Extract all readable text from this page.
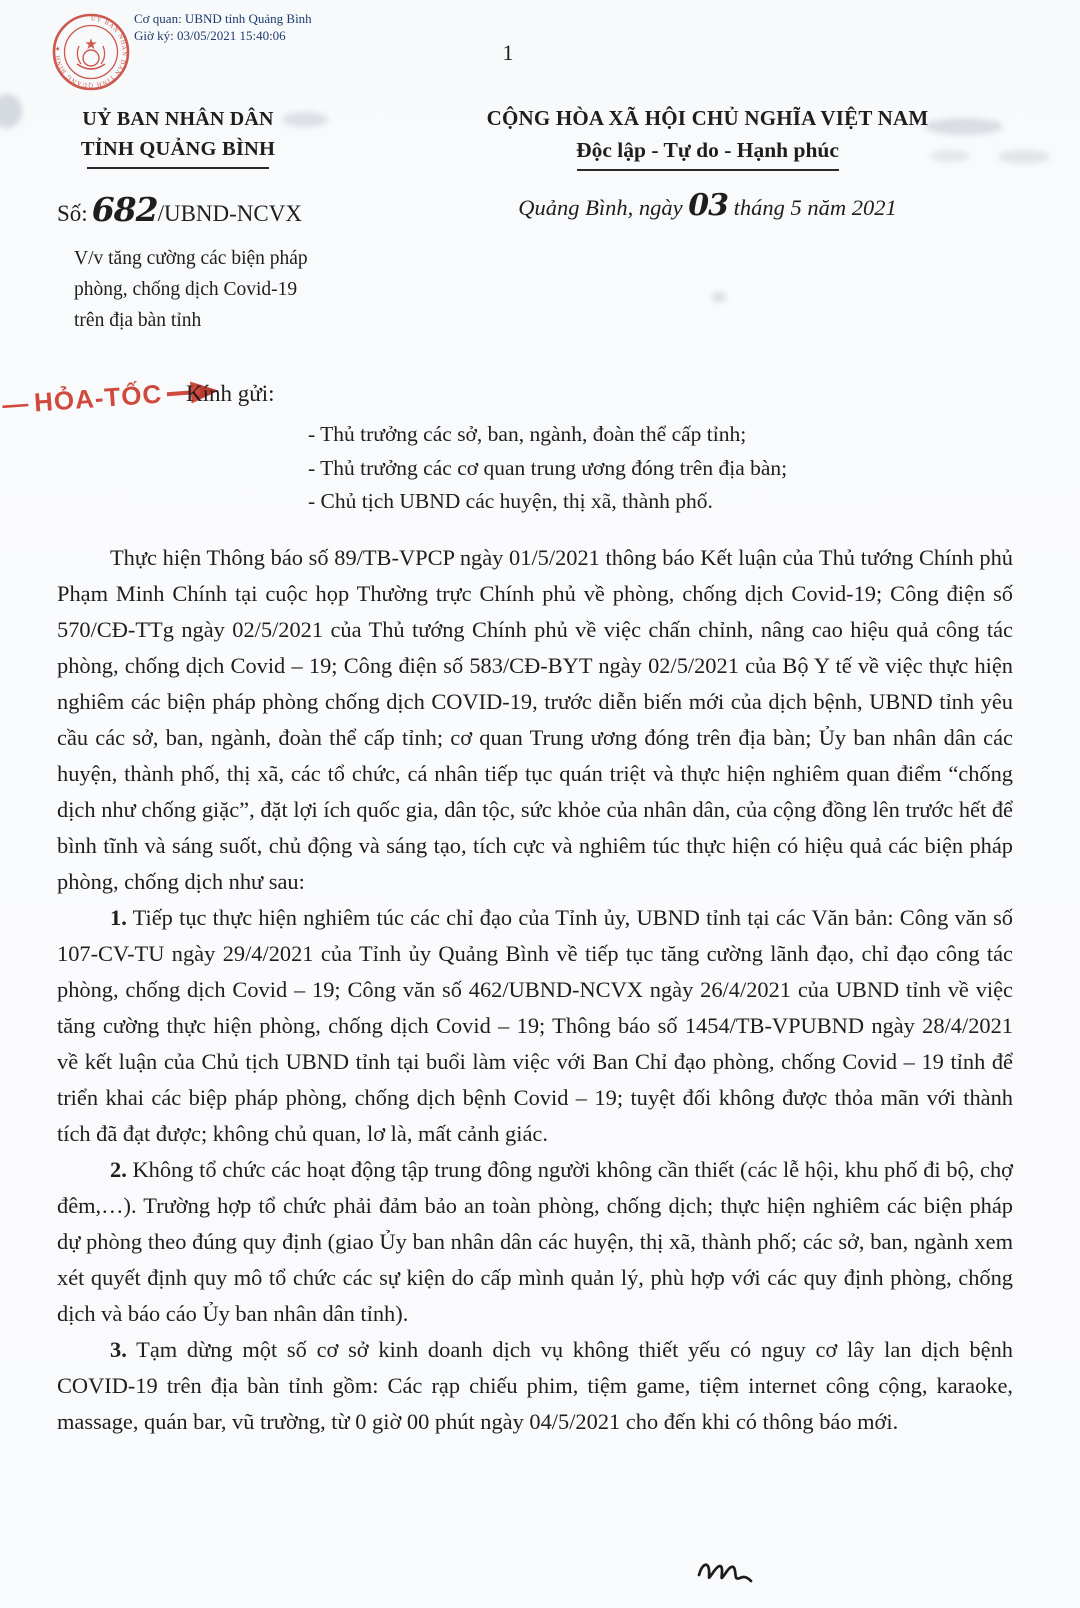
UỶ BAN NHÂN DÂN TỈNH QUẢNG BÌNH ★	★
Cơ quan: UBND tỉnh Quảng Bình
Giờ ký: 03/05/2021 15:40:06
1
UỶ BAN NHÂN DÂN
TỈNH QUẢNG BÌNH
Số: 682/UBND-NCVX
V/v tăng cường các biện pháp
phòng, chống dịch Covid-19
trên địa bàn tỉnh
CỘNG HÒA XÃ HỘI CHỦ NGHĨA VIỆT NAM
Độc lập - Tự do - Hạnh phúc
Quảng Bình, ngày 03 tháng 5 năm 2021
— HỎA-TỐC Kính gửi:
- Thủ trưởng các sở, ban, ngành, đoàn thể cấp tỉnh;
- Thủ trưởng các cơ quan trung ương đóng trên địa bàn;
- Chủ tịch UBND các huyện, thị xã, thành phố.

Thực hiện Thông báo số 89/TB-VPCP ngày 01/5/2021 thông báo Kết luận của Thủ tướng Chính phủ Phạm Minh Chính tại cuộc họp Thường trực Chính phủ về phòng, chống dịch Covid-19; Công điện số 570/CĐ-TTg ngày 02/5/2021 của Thủ tướng Chính phủ về việc chấn chỉnh, nâng cao hiệu quả công tác phòng, chống dịch Covid – 19; Công điện số 583/CĐ-BYT ngày 02/5/2021 của Bộ Y tế về việc thực hiện nghiêm các biện pháp phòng chống dịch COVID-19, trước diễn biến mới của dịch bệnh, UBND tỉnh yêu cầu các sở, ban, ngành, đoàn thể cấp tỉnh; cơ quan Trung ương đóng trên địa bàn; Ủy ban nhân dân các huyện, thành phố, thị xã, các tổ chức, cá nhân tiếp tục quán triệt và thực hiện nghiêm quan điểm “chống dịch như chống giặc”, đặt lợi ích quốc gia, dân tộc, sức khỏe của nhân dân, của cộng đồng lên trước hết để bình tĩnh và sáng suốt, chủ động và sáng tạo, tích cực và nghiêm túc thực hiện có hiệu quả các biện pháp phòng, chống dịch như sau:

1. Tiếp tục thực hiện nghiêm túc các chỉ đạo của Tỉnh ủy, UBND tỉnh tại các Văn bản: Công văn số 107-CV-TU ngày 29/4/2021 của Tỉnh ủy Quảng Bình về tiếp tục tăng cường lãnh đạo, chỉ đạo công tác phòng, chống dịch Covid – 19; Công văn số 462/UBND-NCVX ngày 26/4/2021 của UBND tỉnh về việc tăng cường thực hiện phòng, chống dịch Covid – 19; Thông báo số 1454/TB-VPUBND ngày 28/4/2021 về kết luận của Chủ tịch UBND tỉnh tại buổi làm việc với Ban Chỉ đạo phòng, chống Covid – 19 tỉnh để triển khai các biệp pháp phòng, chống dịch bệnh Covid – 19; tuyệt đối không được thỏa mãn với thành tích đã đạt được; không chủ quan, lơ là, mất cảnh giác.

2. Không tổ chức các hoạt động tập trung đông người không cần thiết (các lễ hội, khu phố đi bộ, chợ đêm,…). Trường hợp tổ chức phải đảm bảo an toàn phòng, chống dịch; thực hiện nghiêm các biện pháp dự phòng theo đúng quy định (giao Ủy ban nhân dân các huyện, thị xã, thành phố; các sở, ban, ngành xem xét quyết định quy mô tổ chức các sự kiện do cấp mình quản lý, phù hợp với các quy định phòng, chống dịch và báo cáo Ủy ban nhân dân tỉnh).

3. Tạm dừng một số cơ sở kinh doanh dịch vụ không thiết yếu có nguy cơ lây lan dịch bệnh COVID-19 trên địa bàn tỉnh gồm: Các rạp chiếu phim, tiệm game, tiệm internet công cộng, karaoke, massage, quán bar, vũ trường, từ 0 giờ 00 phút ngày 04/5/2021 cho đến khi có thông báo mới.
